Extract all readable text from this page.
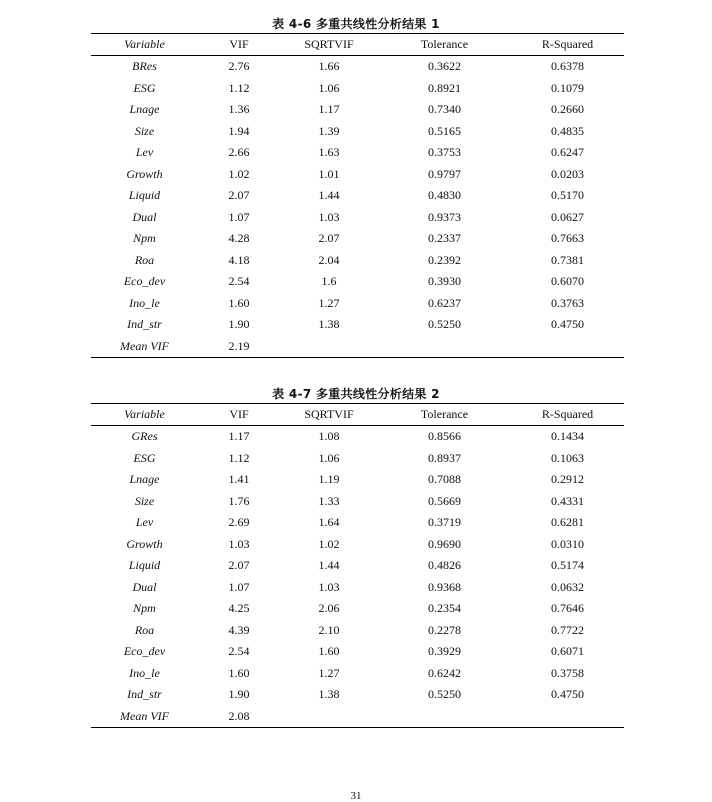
表 4-6 多重共线性分析结果 1
Variable	VIF	SQRTVIF	Tolerance	R-Squared
BRes	2.76	1.66	0.3622	0.6378
ESG	1.12	1.06	0.8921	0.1079
Lnage	1.36	1.17	0.7340	0.2660
Size	1.94	1.39	0.5165	0.4835
Lev	2.66	1.63	0.3753	0.6247
Growth	1.02	1.01	0.9797	0.0203
Liquid	2.07	1.44	0.4830	0.5170
Dual	1.07	1.03	0.9373	0.0627
Npm	4.28	2.07	0.2337	0.7663
Roa	4.18	2.04	0.2392	0.7381
Eco_dev	2.54	1.6	0.3930	0.6070
Ino_le	1.60	1.27	0.6237	0.3763
Ind_str	1.90	1.38	0.5250	0.4750
Mean VIF	2.19			
表 4-7 多重共线性分析结果 2
Variable	VIF	SQRTVIF	Tolerance	R-Squared
GRes	1.17	1.08	0.8566	0.1434
ESG	1.12	1.06	0.8937	0.1063
Lnage	1.41	1.19	0.7088	0.2912
Size	1.76	1.33	0.5669	0.4331
Lev	2.69	1.64	0.3719	0.6281
Growth	1.03	1.02	0.9690	0.0310
Liquid	2.07	1.44	0.4826	0.5174
Dual	1.07	1.03	0.9368	0.0632
Npm	4.25	2.06	0.2354	0.7646
Roa	4.39	2.10	0.2278	0.7722
Eco_dev	2.54	1.60	0.3929	0.6071
Ino_le	1.60	1.27	0.6242	0.3758
Ind_str	1.90	1.38	0.5250	0.4750
Mean VIF	2.08			
31
